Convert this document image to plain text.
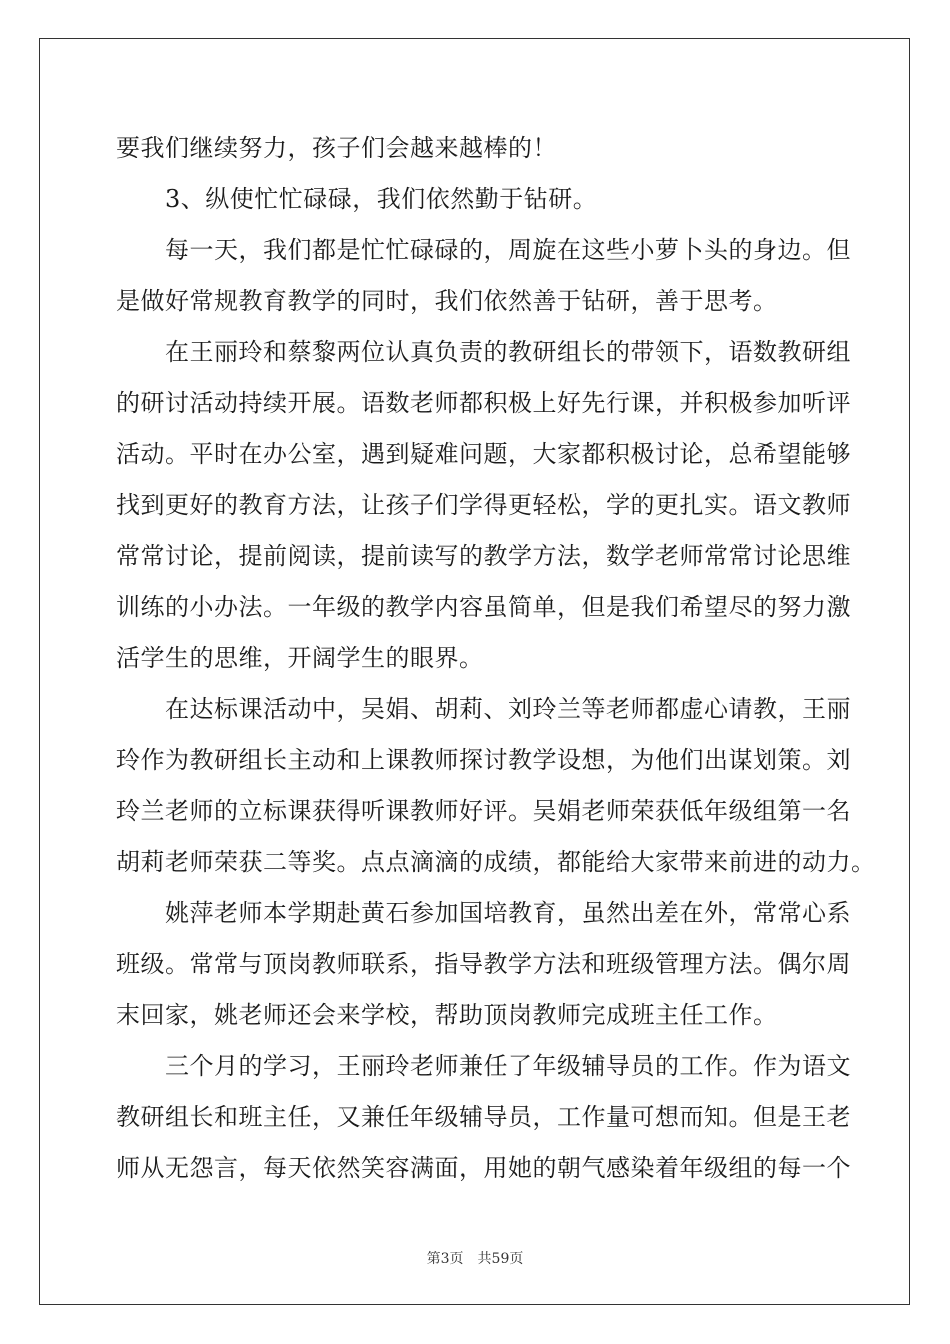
要我们继续努力，孩子们会越来越棒的！
3、纵使忙忙碌碌，我们依然勤于钻研。
每一天，我们都是忙忙碌碌的，周旋在这些小萝卜头的身边。但
是做好常规教育教学的同时，我们依然善于钻研，善于思考。
在王丽玲和蔡黎两位认真负责的教研组长的带领下，语数教研组
的研讨活动持续开展。语数老师都积极上好先行课，并积极参加听评
活动。平时在办公室，遇到疑难问题，大家都积极讨论，总希望能够
找到更好的教育方法，让孩子们学得更轻松，学的更扎实。语文教师
常常讨论，提前阅读，提前读写的教学方法，数学老师常常讨论思维
训练的小办法。一年级的教学内容虽简单，但是我们希望尽的努力激
活学生的思维，开阔学生的眼界。
在达标课活动中，吴娟、胡莉、刘玲兰等老师都虚心请教，王丽
玲作为教研组长主动和上课教师探讨教学设想，为他们出谋划策。刘
玲兰老师的立标课获得听课教师好评。吴娟老师荣获低年级组第一名
胡莉老师荣获二等奖。点点滴滴的成绩，都能给大家带来前进的动力。
姚萍老师本学期赴黄石参加国培教育，虽然出差在外，常常心系
班级。常常与顶岗教师联系，指导教学方法和班级管理方法。偶尔周
末回家，姚老师还会来学校，帮助顶岗教师完成班主任工作。
三个月的学习，王丽玲老师兼任了年级辅导员的工作。作为语文
教研组长和班主任，又兼任年级辅导员，工作量可想而知。但是王老
师从无怨言，每天依然笑容满面，用她的朝气感染着年级组的每一个
第3页 共59页
